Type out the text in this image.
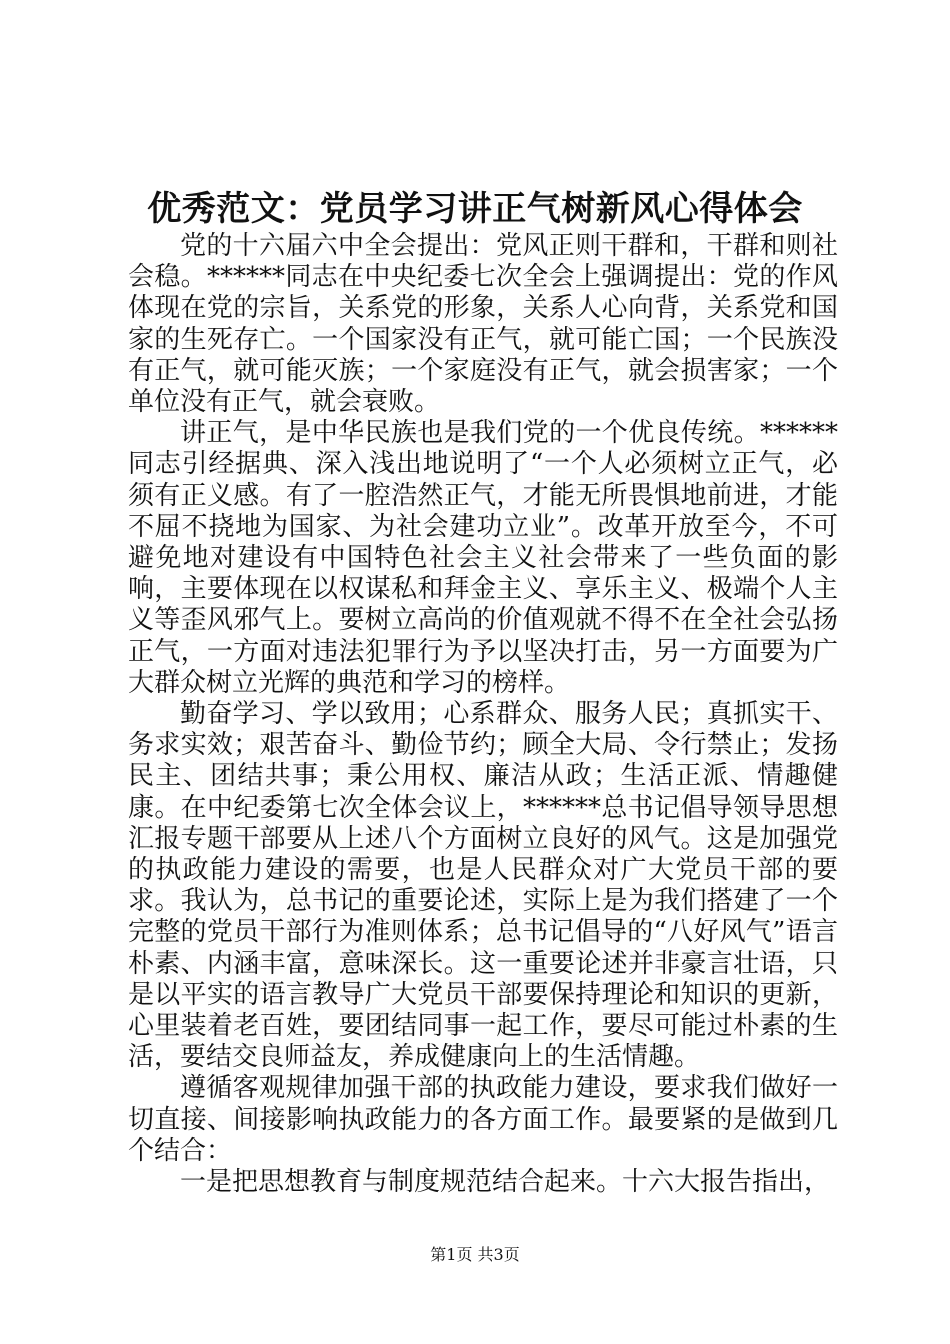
优秀范文：党员学习讲正气树新风心得体会

党的十六届六中全会提出：党风正则干群和，干群和则社会稳。******同志在中央纪委七次全会上强调提出：党的作风体现在党的宗旨，关系党的形象，关系人心向背，关系党和国家的生死存亡。一个国家没有正气，就可能亡国；一个民族没有正气，就可能灭族；一个家庭没有正气，就会损害家；一个单位没有正气，就会衰败。

讲正气，是中华民族也是我们党的一个优良传统。******同志引经据典、深入浅出地说明了“一个人必须树立正气，必须有正义感。有了一腔浩然正气，才能无所畏惧地前进，才能不屈不挠地为国家、为社会建功立业”。改革开放至今，不可避免地对建设有中国特色社会主义社会带来了一些负面的影响，主要体现在以权谋私和拜金主义、享乐主义、极端个人主义等歪风邪气上。要树立高尚的价值观就不得不在全社会弘扬正气，一方面对违法犯罪行为予以坚决打击，另一方面要为广大群众树立光辉的典范和学习的榜样。

勤奋学习、学以致用；心系群众、服务人民；真抓实干、务求实效；艰苦奋斗、勤俭节约；顾全大局、令行禁止；发扬民主、团结共事；秉公用权、廉洁从政；生活正派、情趣健康。在中纪委第七次全体会议上，******总书记倡导领导思想汇报专题干部要从上述八个方面树立良好的风气。这是加强党的执政能力建设的需要，也是人民群众对广大党员干部的要求。我认为，总书记的重要论述，实际上是为我们搭建了一个完整的党员干部行为准则体系；总书记倡导的“八好风气”语言朴素、内涵丰富，意味深长。这一重要论述并非豪言壮语，只是以平实的语言教导广大党员干部要保持理论和知识的更新，心里装着老百姓，要团结同事一起工作，要尽可能过朴素的生活，要结交良师益友，养成健康向上的生活情趣。

遵循客观规律加强干部的执政能力建设，要求我们做好一切直接、间接影响执政能力的各方面工作。最要紧的是做到几个结合：

一是把思想教育与制度规范结合起来。十六大报告指出，

第1页 共3页
